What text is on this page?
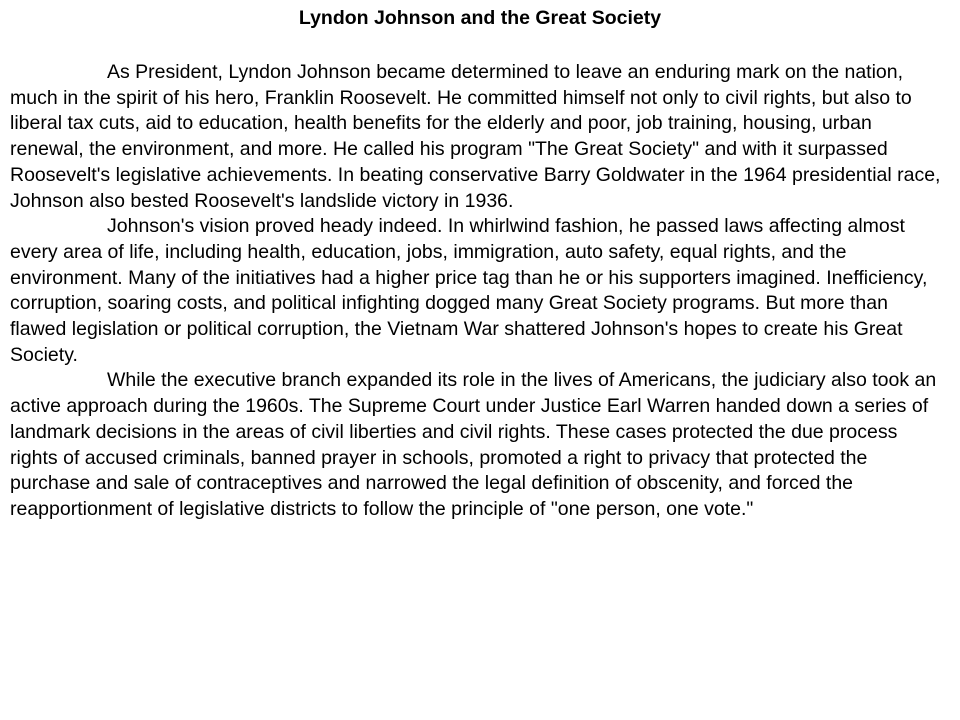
Lyndon Johnson and the Great Society

As President, Lyndon Johnson became determined to leave an enduring mark on the nation, much in the spirit of his hero, Franklin Roosevelt. He committed himself not only to civil rights, but also to liberal tax cuts, aid to education, health benefits for the elderly and poor, job training, housing, urban renewal, the environment, and more. He called his program "The Great Society" and with it surpassed Roosevelt's legislative achievements. In beating conservative Barry Goldwater in the 1964 presidential race, Johnson also bested Roosevelt's landslide victory in 1936.

Johnson's vision proved heady indeed. In whirlwind fashion, he passed laws affecting almost every area of life, including health, education, jobs, immigration, auto safety, equal rights, and the environment. Many of the initiatives had a higher price tag than he or his supporters imagined. Inefficiency, corruption, soaring costs, and political infighting dogged many Great Society programs. But more than flawed legislation or political corruption, the Vietnam War shattered Johnson's hopes to create his Great Society.

While the executive branch expanded its role in the lives of Americans, the judiciary also took an active approach during the 1960s. The Supreme Court under Justice Earl Warren handed down a series of landmark decisions in the areas of civil liberties and civil rights. These cases protected the due process rights of accused criminals, banned prayer in schools, promoted a right to privacy that protected the purchase and sale of contraceptives and narrowed the legal definition of obscenity, and forced the reapportionment of legislative districts to follow the principle of "one person, one vote."
